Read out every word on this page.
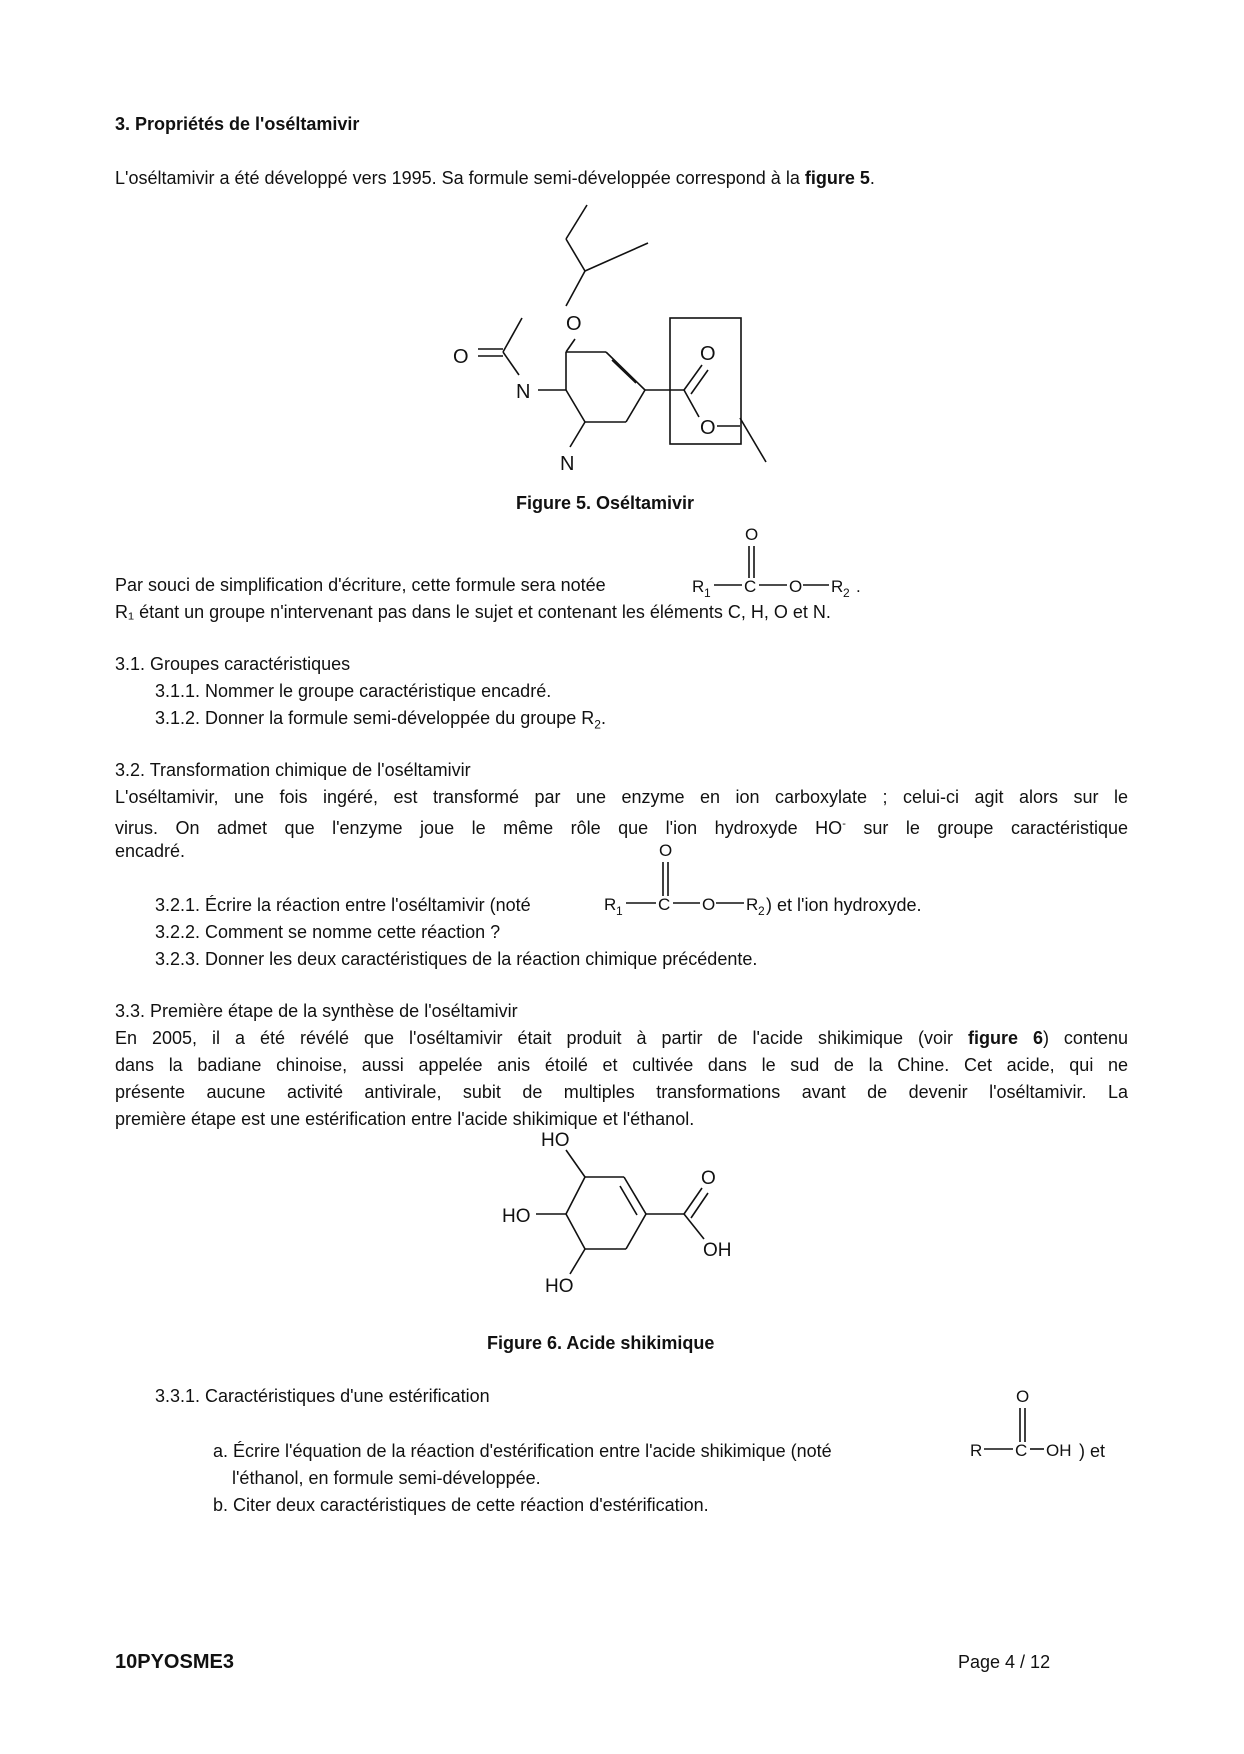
3. Propriétés de l'oséltamivir
L'oséltamivir a été développé vers 1995. Sa formule semi-développée correspond à la figure 5.
O
O
N
N
O
O
Figure 5. Oséltamivir
Par souci de simplification d'écriture, cette formule sera notée	R 1 C
O
O R 2 .
R₁ étant un groupe n'intervenant pas dans le sujet et contenant les éléments C, H, O et N.
3.1. Groupes caractéristiques
3.1.1. Nommer le groupe caractéristique encadré.
3.1.2. Donner la formule semi-développée du groupe $R_2$.
3.2. Transformation chimique de l'oséltamivir
L'oséltamivir, une fois ingéré, est transformé par une enzyme en ion carboxylate ; celui-ci agit alors sur le
virus. On admet que l'enzyme joue le même rôle que l'ion hydroxyde HO- sur le groupe caractéristique
encadré.
3.2.1. Écrire la réaction entre l'oséltamivir (noté	R 1 C
O
O R 2 ) et l'ion hydroxyde.
3.2.2. Comment se nomme cette réaction ?
3.2.3. Donner les deux caractéristiques de la réaction chimique précédente.
3.3. Première étape de la synthèse de l'oséltamivir
En 2005, il a été révélé que l'oséltamivir était produit à partir de l'acide shikimique (voir figure 6) contenu
dans la badiane chinoise, aussi appelée anis étoilé et cultivée dans le sud de la Chine. Cet acide, qui ne
présente aucune activité antivirale, subit de multiples transformations avant de devenir l'oséltamivir. La
première étape est une estérification entre l'acide shikimique et l'éthanol.
HO
HO
HO
O
OH
Figure 6. Acide shikimique
3.3.1. Caractéristiques d'une estérification
a. Écrire l'équation de la réaction d'estérification entre l'acide shikimique (noté	R C
O
OH ) et
l'éthanol, en formule semi-développée.
b. Citer deux caractéristiques de cette réaction d'estérification.
10PYOSME3	Page 4 / 12
